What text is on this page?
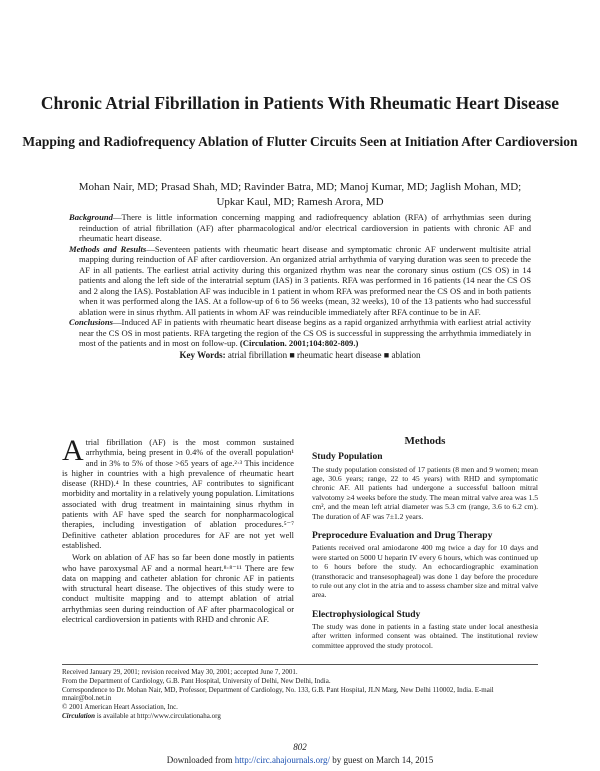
Chronic Atrial Fibrillation in Patients With Rheumatic Heart Disease
Mapping and Radiofrequency Ablation of Flutter Circuits Seen at Initiation After Cardioversion
Mohan Nair, MD; Prasad Shah, MD; Ravinder Batra, MD; Manoj Kumar, MD; Jaglish Mohan, MD; Upkar Kaul, MD; Ramesh Arora, MD

Background—There is little information concerning mapping and radiofrequency ablation (RFA) of arrhythmias seen during reinduction of atrial fibrillation (AF) after pharmacological and/or electrical cardioversion in patients with chronic AF and rheumatic heart disease.

Methods and Results—Seventeen patients with rheumatic heart disease and symptomatic chronic AF underwent multisite atrial mapping during reinduction of AF after cardioversion. An organized atrial arrhythmia of varying duration was seen to precede the AF in all patients. The earliest atrial activity during this organized rhythm was near the coronary sinus ostium (CS OS) in 14 patients and along the left side of the interatrial septum (IAS) in 3 patients. RFA was performed in 16 patients (14 near the CS OS and 2 along the IAS). Postablation AF was inducible in 1 patient in whom RFA was preformed near the CS OS and in both patients when it was performed along the IAS. At a follow-up of 6 to 56 weeks (mean, 32 weeks), 10 of the 13 patients who had successful ablation were in sinus rhythm. All patients in whom AF was reinducible immediately after RFA continue to be in AF.

Conclusions—Induced AF in patients with rheumatic heart disease begins as a rapid organized arrhythmia with earliest atrial activity near the CS OS in most patients. RFA targeting the region of the CS OS is successful in suppressing the arrhythmia immediately in most of the patients and in most on follow-up. (Circulation. 2001;104:802-809.)

Key Words: atrial fibrillation ■ rheumatic heart disease ■ ablation

Atrial fibrillation (AF) is the most common sustained arrhythmia, being present in 0.4% of the overall population¹ and in 3% to 5% of those >65 years of age.²·³ This incidence is higher in countries with a high prevalence of rheumatic heart disease (RHD).⁴ In these countries, AF contributes to significant morbidity and mortality in a relatively young population. Limitations associated with drug treatment in maintaining sinus rhythm in patients with AF have sped the search for nonpharmacological therapies, including investigation of ablation procedures.⁵⁻⁷ Definitive catheter ablation procedures for AF are not yet well established.

Work on ablation of AF has so far been done mostly in patients who have paroxysmal AF and a normal heart.⁸·⁸⁻¹¹ There are few data on mapping and catheter ablation for chronic AF in patients with structural heart disease. The objectives of this study were to conduct multisite mapping and to attempt ablation of atrial arrhythmias seen during reinduction of AF after pharmacological or electrical cardioversion in patients with RHD and chronic AF.

Methods
Study Population

The study population consisted of 17 patients (8 men and 9 women; mean age, 30.6 years; range, 22 to 45 years) with RHD and symptomatic chronic AF. All patients had undergone a successful balloon mitral valvotomy ≥4 weeks before the study. The mean mitral valve area was 1.5 cm², and the mean left atrial diameter was 5.3 cm (range, 3.6 to 6.2 cm). The duration of AF was 7±1.2 years.

Preprocedure Evaluation and Drug Therapy

Patients received oral amiodarone 400 mg twice a day for 10 days and were started on 5000 U heparin IV every 6 hours, which was continued up to 6 hours before the study. An echocardiographic examination (transthoracic and transesophageal) was done 1 day before the procedure to rule out any clot in the atria and to assess chamber size and mitral valve area.

Electrophysiological Study

The study was done in patients in a fasting state under local anesthesia after written informed consent was obtained. The institutional review committee approved the study protocol.

Received January 29, 2001; revision received May 30, 2001; accepted June 7, 2001.

From the Department of Cardiology, G.B. Pant Hospital, University of Delhi, New Delhi, India.

Correspondence to Dr. Mohan Nair, MD, Professor, Department of Cardiology, No. 133, G.B. Pant Hospital, JLN Marg, New Delhi 110002, India. E-mail mnair@bol.net.in

© 2001 American Heart Association, Inc.

Circulation is available at http://www.circulationaha.org

802
Downloaded from http://circ.ahajournals.org/ by guest on March 14, 2015
